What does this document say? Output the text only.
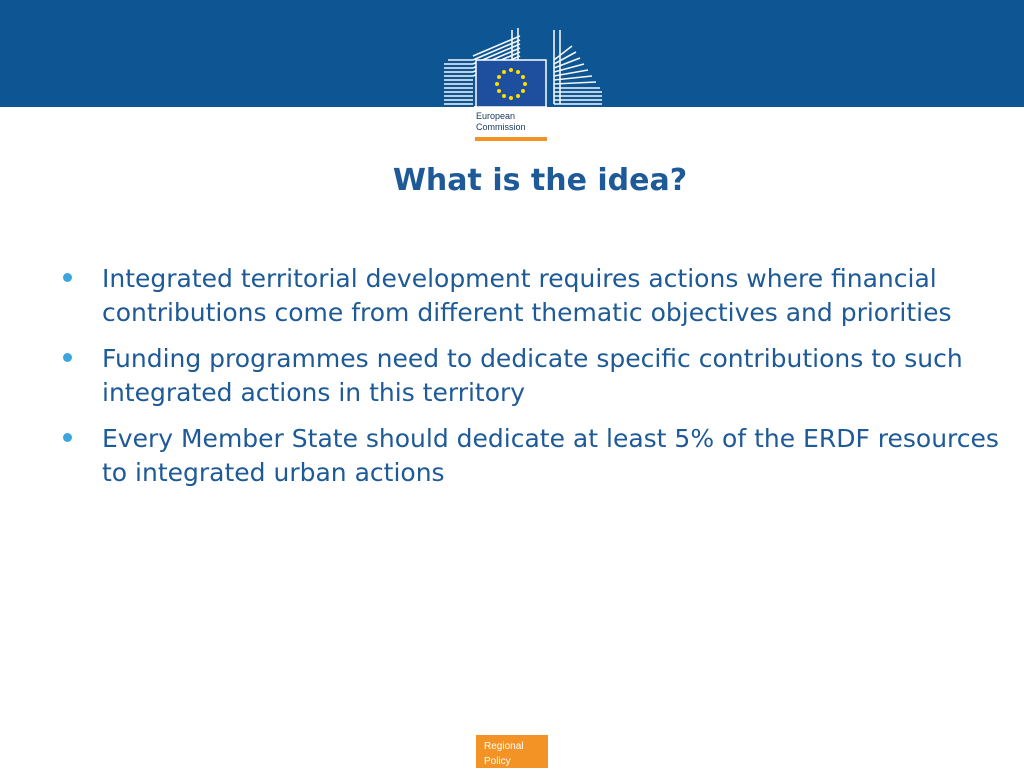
European
Commission
What is the idea?
Integrated territorial development requires actions where financial contributions come from different thematic objectives and priorities
Funding programmes need to dedicate specific contributions to such integrated actions in this territory
Every Member State should dedicate at least 5% of the ERDF resources to integrated urban actions
Regional
Policy
